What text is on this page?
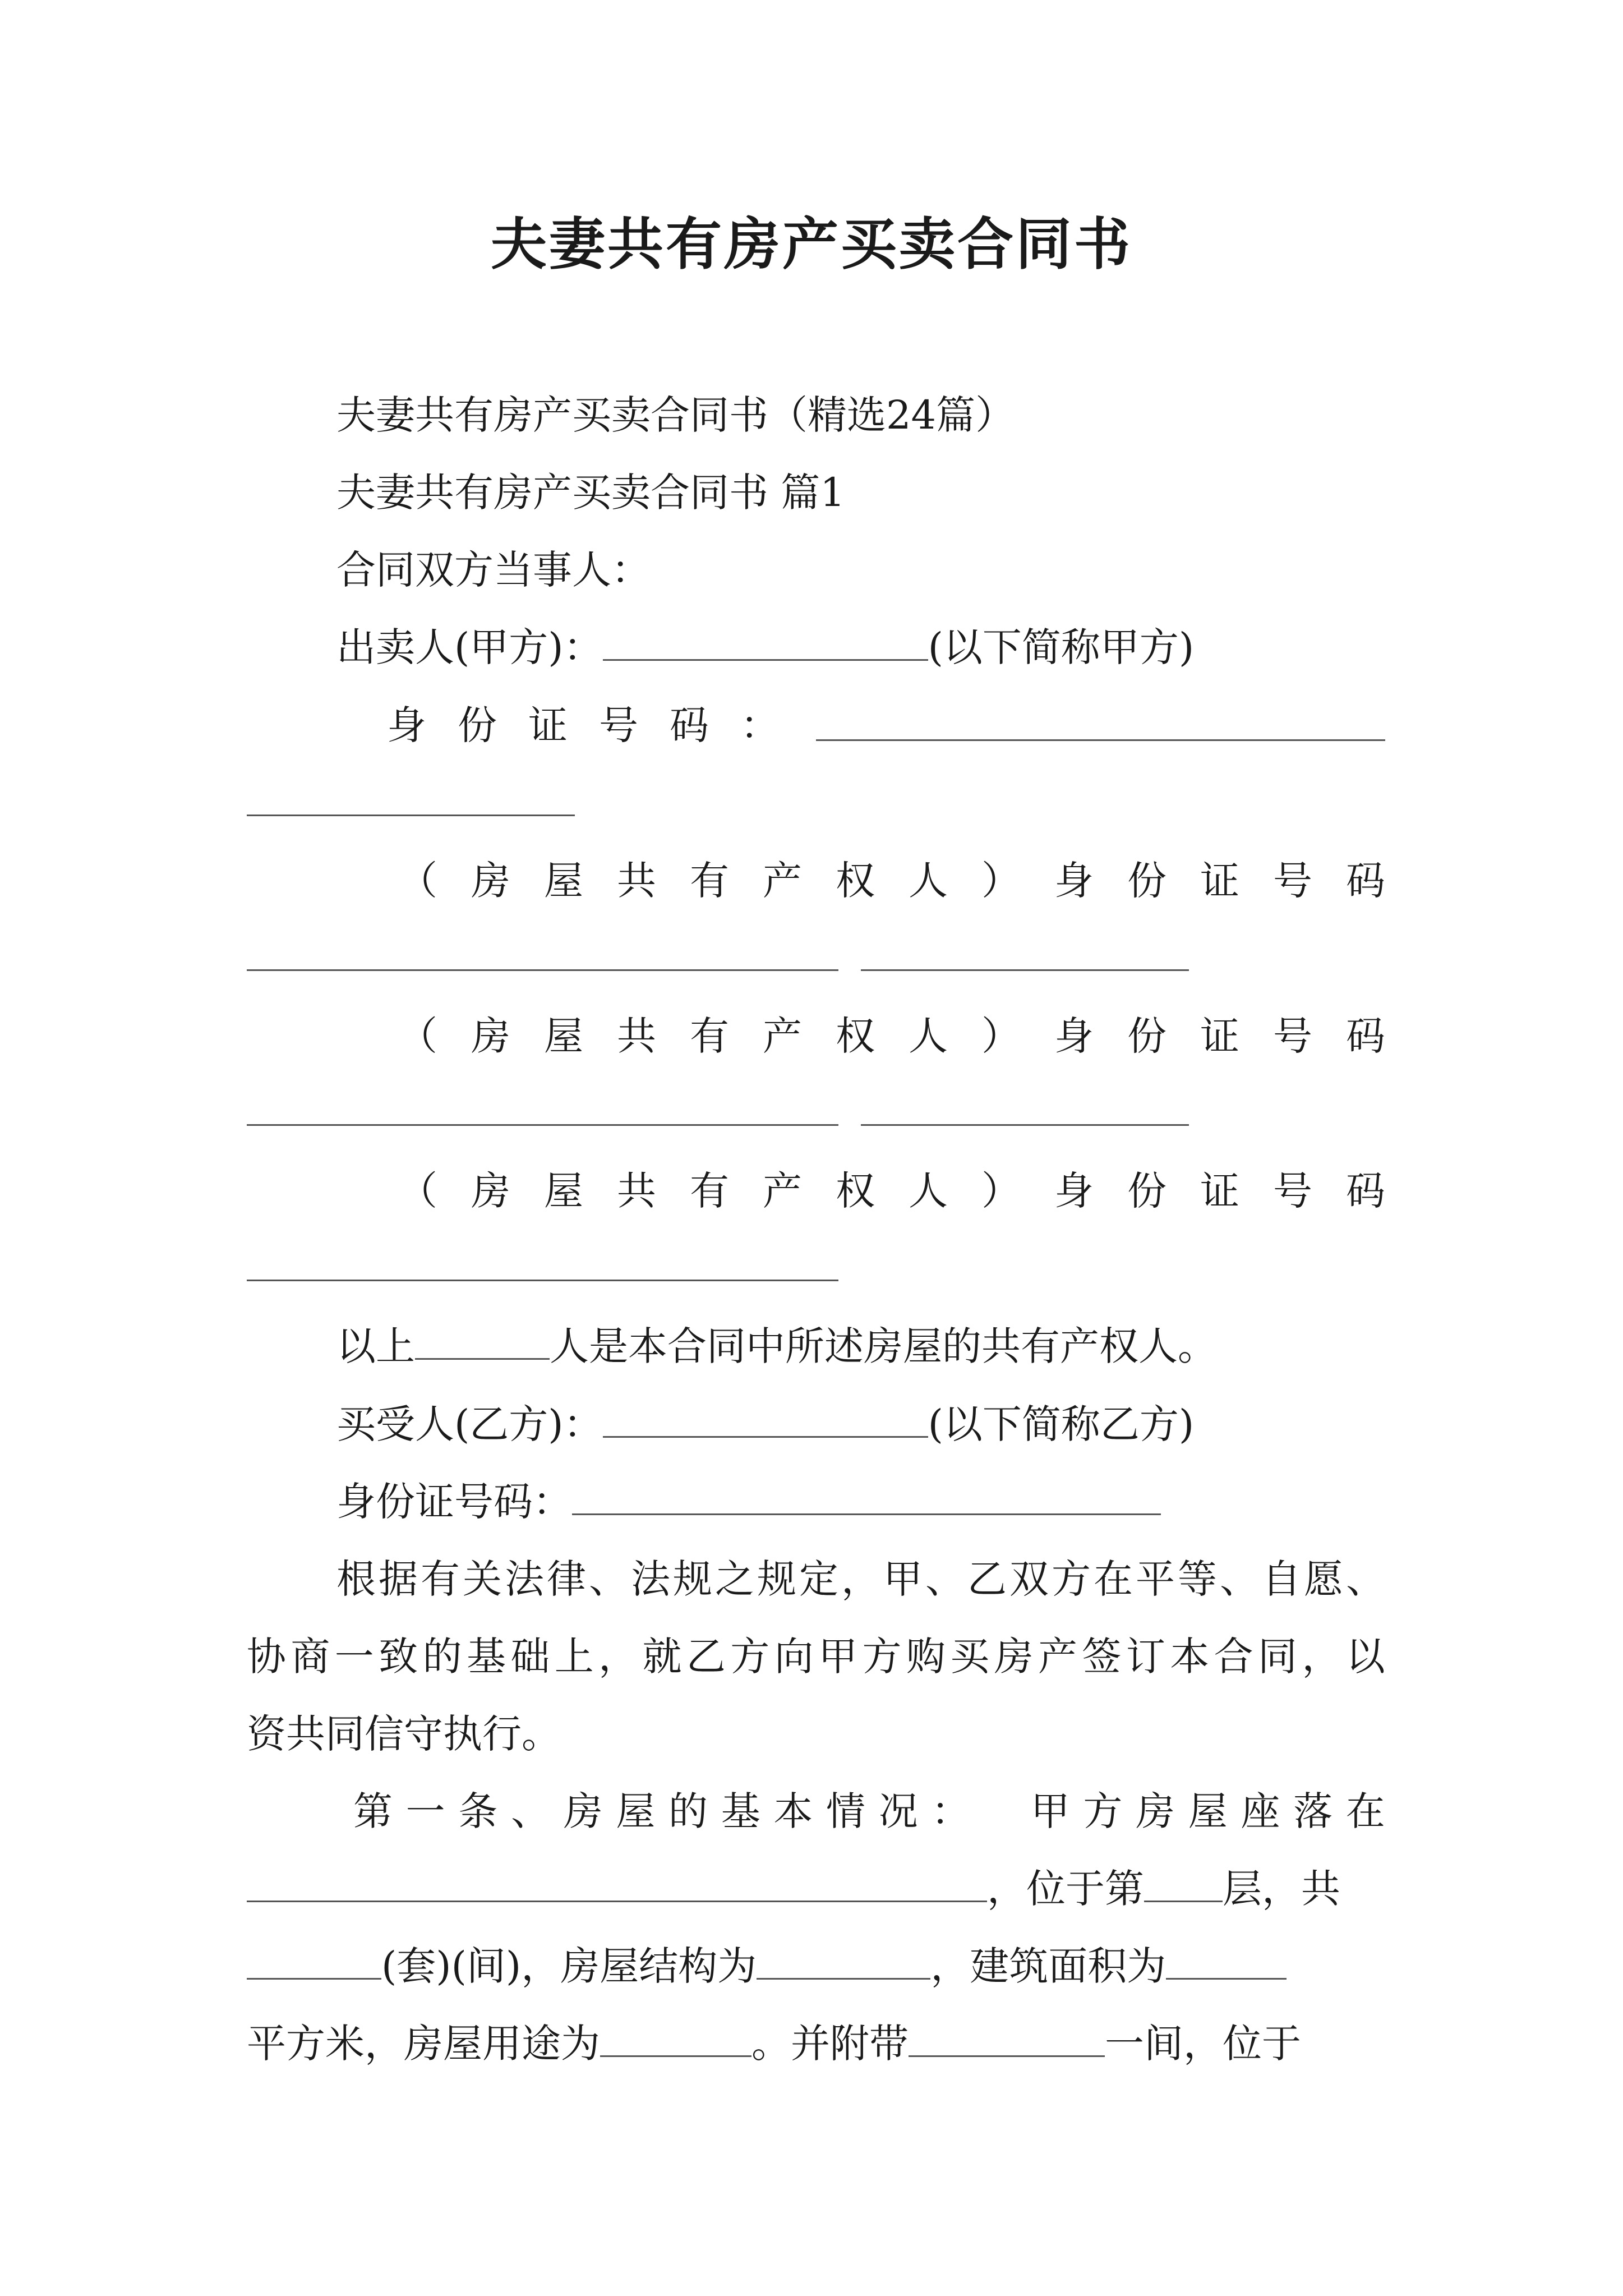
夫妻共有房产买卖合同书
夫妻共有房产买卖合同书（精选24篇）
夫妻共有房产买卖合同书 篇1
合同双方当事人：
出卖人(甲方)：	(以下简称甲方)
身 份 证 号 码 ：
（ 房 屋 共 有 产 权 人 ） 身 份 证 号 码
（ 房 屋 共 有 产 权 人 ） 身 份 证 号 码
（ 房 屋 共 有 产 权 人 ） 身 份 证 号 码
以上	人是本合同中所述房屋的共有产权人。
买受人(乙方)：	(以下简称乙方)
身份证号码：
根 据 有 关 法 律 、 法 规 之 规 定 ， 甲 、 乙 双 方 在 平 等 、 自 愿 、
协 商 一 致 的 基 础 上 ， 就 乙 方 向 甲 方 购 买 房 产 签 订 本 合 同 ， 以
资共同信守执行。
第 一 条 、 房 屋 的 基 本 情 况 ： 甲 方 房 屋 座 落 在
，位于第 层，共
(套)(间)，房屋结构为	，建筑面积为
平方米，房屋用途为	。并附带	一间，位于
